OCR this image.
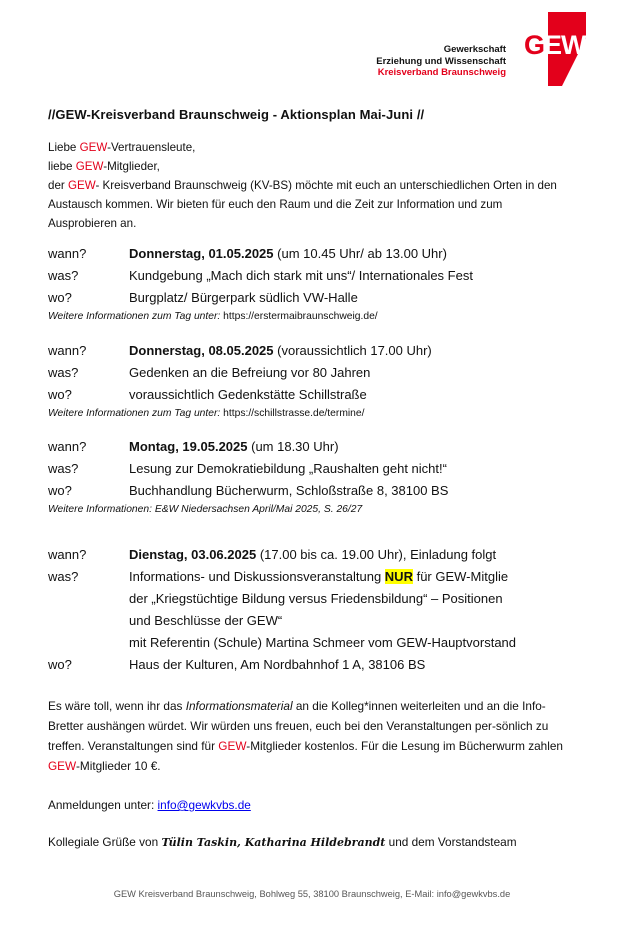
Gewerkschaft
Erziehung und Wissenschaft
Kreisverband Braunschweig
G
E
W
//GEW-Kreisverband Braunschweig - Aktionsplan Mai-Juni //

Liebe GEW-Vertrauensleute,

liebe GEW-Mitglieder,

der GEW- Kreisverband Braunschweig (KV-BS) möchte mit euch an unterschiedlichen Orten in den Austausch kommen. Wir bieten für euch den Raum und die Zeit zur Information und zum Ausprobieren an.

wann?	Donnerstag, 01.05.2025 (um 10.45 Uhr/ ab 13.00 Uhr)
was?	Kundgebung „Mach dich stark mit uns“/ Internationales Fest
wo?	Burgplatz/ Bürgerpark südlich VW-Halle
Weitere Informationen zum Tag unter: https://erstermaibraunschweig.de/
wann?	Donnerstag, 08.05.2025 (voraussichtlich 17.00 Uhr)
was?	Gedenken an die Befreiung vor 80 Jahren
wo?	voraussichtlich Gedenkstätte Schillstraße
Weitere Informationen zum Tag unter: https://schillstrasse.de/termine/
wann?	Montag, 19.05.2025 (um 18.30 Uhr)
was?	Lesung zur Demokratiebildung „Raushalten geht nicht!“
wo?	Buchhandlung Bücherwurm, Schloßstraße 8, 38100 BS
Weitere Informationen: E&W Niedersachsen April/Mai 2025, S. 26/27
wann?	Dienstag, 03.06.2025 (17.00 bis ca. 19.00 Uhr), Einladung folgt
was?	Informations- und Diskussionsveranstaltung NUR für GEW-Mitglie
der „Kriegstüchtige Bildung versus Friedensbildung“ – Positionen
und Beschlüsse der GEW“
mit Referentin (Schule) Martina Schmeer vom GEW-Hauptvorstand
wo?	Haus der Kulturen, Am Nordbahnhof 1 A, 38106 BS

Es wäre toll, wenn ihr das Informationsmaterial an die Kolleg*innen weiterleiten und an die Info-Bretter aushängen würdet. Wir würden uns freuen, euch bei den Veranstaltungen per-sönlich zu treffen. Veranstaltungen sind für GEW-Mitglieder kostenlos. Für die Lesung im Bücherwurm zahlen GEW-Mitglieder 10 €.

Anmeldungen unter: info@gewkvbs.de

Kollegiale Grüße von Tülin Taskin, Katharina Hildebrandt und dem Vorstandsteam

GEW Kreisverband Braunschweig, Bohlweg 55, 38100 Braunschweig, E-Mail: info@gewkvbs.de
